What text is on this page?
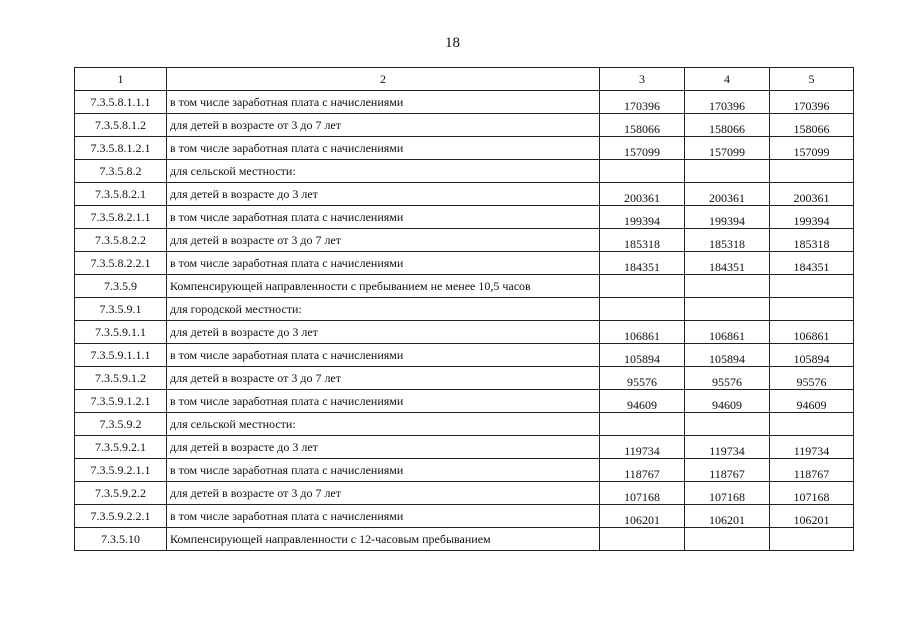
18
1	2	3	4	5
7.3.5.8.1.1.1	в том числе заработная плата с начислениями	170396	170396	170396
7.3.5.8.1.2	для детей в возрасте от 3 до 7 лет	158066	158066	158066
7.3.5.8.1.2.1	в том числе заработная плата с начислениями	157099	157099	157099
7.3.5.8.2	для сельской местности:			
7.3.5.8.2.1	для детей в возрасте до 3 лет	200361	200361	200361
7.3.5.8.2.1.1	в том числе заработная плата с начислениями	199394	199394	199394
7.3.5.8.2.2	для детей в возрасте от 3 до 7 лет	185318	185318	185318
7.3.5.8.2.2.1	в том числе заработная плата с начислениями	184351	184351	184351
7.3.5.9	Компенсирующей направленности с пребыванием не менее 10,5 часов			
7.3.5.9.1	для городской местности:			
7.3.5.9.1.1	для детей в возрасте до 3 лет	106861	106861	106861
7.3.5.9.1.1.1	в том числе заработная плата с начислениями	105894	105894	105894
7.3.5.9.1.2	для детей в возрасте от 3 до 7 лет	95576	95576	95576
7.3.5.9.1.2.1	в том числе заработная плата с начислениями	94609	94609	94609
7.3.5.9.2	для сельской местности:			
7.3.5.9.2.1	для детей в возрасте до 3 лет	119734	119734	119734
7.3.5.9.2.1.1	в том числе заработная плата с начислениями	118767	118767	118767
7.3.5.9.2.2	для детей в возрасте от 3 до 7 лет	107168	107168	107168
7.3.5.9.2.2.1	в том числе заработная плата с начислениями	106201	106201	106201
7.3.5.10	Компенсирующей направленности с 12-часовым пребыванием			
